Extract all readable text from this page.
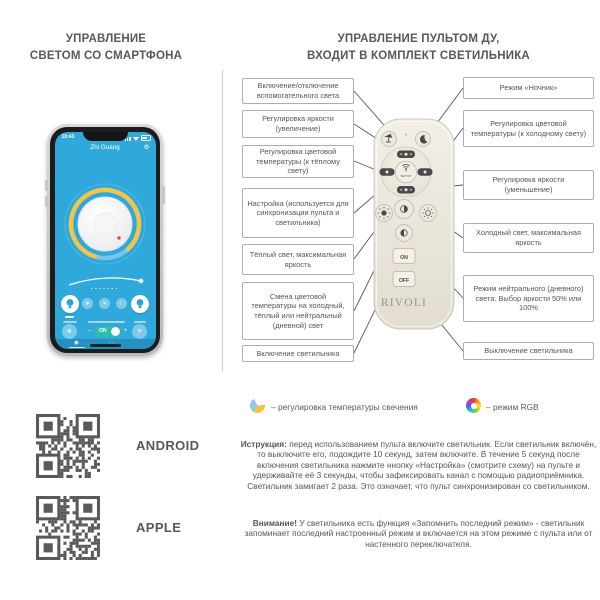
УПРАВЛЕНИЕ
СВЕТОМ СО СМАРТФОНА
УПРАВЛЕНИЕ ПУЛЬТОМ ДУ,
ВХОДИТ В КОМПЛЕКТ СВЕТИЛЬНИКА
Включение/отключение вспомогательного света
Регулировка яркости (увеличение)
Регулировка цветовой температуры (к тёплому свету)
Настройка (используется для синхронизации пульта и светильника)
Тёплый свет, максимальная яркость
Смена цветовой температуры на холодный, тёплый или нейтральный (дневной) свет
Включение светильника
Режим «Ночник»
Регулировка цветовой температуры (к холодному свету)
Регулировка яркости (уменьшение)
Холодный свет, максимальная яркость
Режим нейтрального (дневного) света. Выбор яркости 50% или 100%
Выключение светильника
SETUP
ON
OFF
RIVOLI
10:43
Zhi Guang	⚙
❄	☀	☾
❄ – ON	+ ✳
◉
ANDROID
APPLE
– регулировка температуры свечения	– режим RGB
Иструкция: перед использованием пульта включите светильник. Если светильник включён, то выключите его, подождите 10 секунд, затем включите. В течение 5 секунд после включения светильника нажмите ннопку «Настройка» (смотрите схему) на пульте и удерживайте её 3 секунды, чтобы зафиксировать канал с помощью радиоприёмника. Светильник замигает 2 раза. Это означает, что пульт синхронизирован со светильником.
Внимание! У светильника есть функция «Запомнить последний режим» - светильник запоминает последний настроенный режим и включается на этом режиме с пульта или от настенного переключателя.
